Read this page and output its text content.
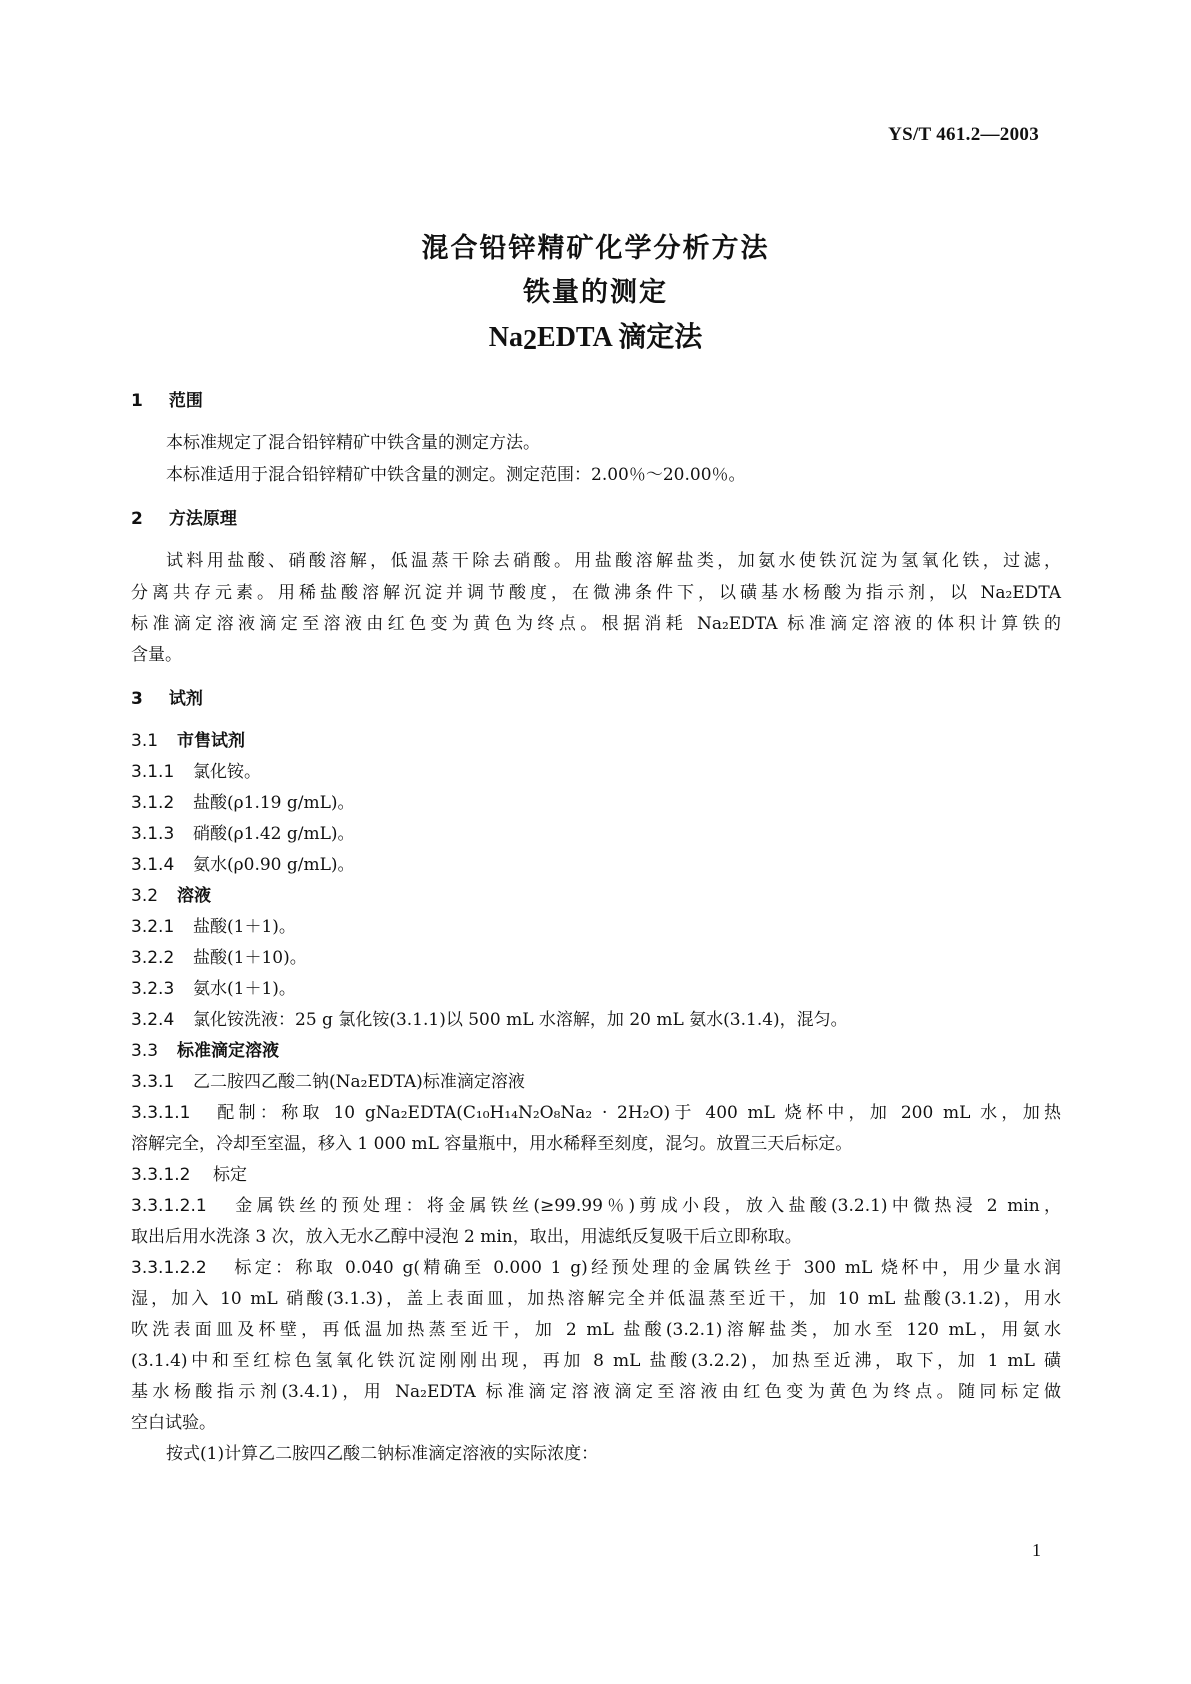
YS/T 461.2—2003
混合铅锌精矿化学分析方法
铁量的测定
$Na_2EDTA$ 滴定法
1 范围
本标准规定了混合铅锌精矿中铁含量的测定方法。
本标准适用于混合铅锌精矿中铁含量的测定。测定范围：2.00％～20.00％。
2 方法原理
试料用盐酸、硝酸溶解，低温蒸干除去硝酸。用盐酸溶解盐类，加氨水使铁沉淀为氢氧化铁，过滤，
分离共存元素。用稀盐酸溶解沉淀并调节酸度，在微沸条件下，以磺基水杨酸为指示剂，以 Na₂EDTA
标准滴定溶液滴定至溶液由红色变为黄色为终点。根据消耗 Na₂EDTA 标准滴定溶液的体积计算铁的
含量。
3 试剂
3.1 市售试剂
3.1.1 氯化铵。
3.1.2 盐酸(ρ1.19 g/mL)。
3.1.3 硝酸(ρ1.42 g/mL)。
3.1.4 氨水(ρ0.90 g/mL)。
3.2 溶液
3.2.1 盐酸(1＋1)。
3.2.2 盐酸(1＋10)。
3.2.3 氨水(1＋1)。
3.2.4 氯化铵洗液：25 g 氯化铵(3.1.1)以 500 mL 水溶解，加 20 mL 氨水(3.1.4)，混匀。
3.3 标准滴定溶液
3.3.1 乙二胺四乙酸二钠(Na₂EDTA)标准滴定溶液
3.3.1.1 配制：称取 10 gNa₂EDTA(C₁₀H₁₄N₂O₈Na₂ · 2H₂O)于 400 mL 烧杯中，加 200 mL 水，加热
溶解完全，冷却至室温，移入 1 000 mL 容量瓶中，用水稀释至刻度，混匀。放置三天后标定。
3.3.1.2 标定
3.3.1.2.1 金属铁丝的预处理：将金属铁丝(≥99.99％)剪成小段，放入盐酸(3.2.1)中微热浸 2 min，
取出后用水洗涤 3 次，放入无水乙醇中浸泡 2 min，取出，用滤纸反复吸干后立即称取。
3.3.1.2.2 标定：称取 0.040 g(精确至 0.000 1 g)经预处理的金属铁丝于 300 mL 烧杯中，用少量水润
湿，加入 10 mL 硝酸(3.1.3)，盖上表面皿，加热溶解完全并低温蒸至近干，加 10 mL 盐酸(3.1.2)，用水
吹洗表面皿及杯壁，再低温加热蒸至近干，加 2 mL 盐酸(3.2.1)溶解盐类，加水至 120 mL，用氨水
(3.1.4)中和至红棕色氢氧化铁沉淀刚刚出现，再加 8 mL 盐酸(3.2.2)，加热至近沸，取下，加 1 mL 磺
基水杨酸指示剂(3.4.1)，用 Na₂EDTA 标准滴定溶液滴定至溶液由红色变为黄色为终点。随同标定做
空白试验。
按式(1)计算乙二胺四乙酸二钠标准滴定溶液的实际浓度：
1
